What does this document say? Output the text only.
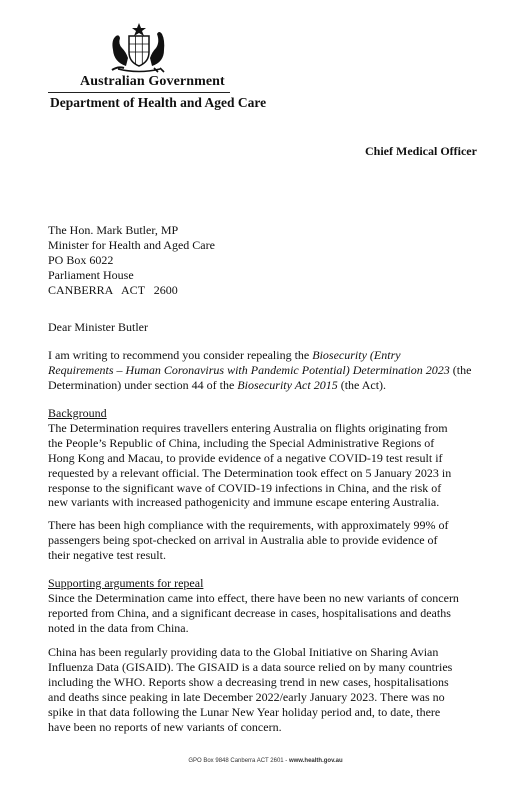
Australian Government
Department of Health and Aged Care
Chief Medical Officer
The Hon. Mark Butler, MP
Minister for Health and Aged Care
PO Box 6022
Parliament House
CANBERRA   ACT   2600
Dear Minister Butler
I am writing to recommend you consider repealing the Biosecurity (Entry
Requirements – Human Coronavirus with Pandemic Potential) Determination 2023 (the
Determination) under section 44 of the Biosecurity Act 2015 (the Act).
Background
The Determination requires travellers entering Australia on flights originating from
the People’s Republic of China, including the Special Administrative Regions of
Hong Kong and Macau, to provide evidence of a negative COVID-19 test result if
requested by a relevant official. The Determination took effect on 5 January 2023 in
response to the significant wave of COVID-19 infections in China, and the risk of
new variants with increased pathogenicity and immune escape entering Australia.
There has been high compliance with the requirements, with approximately 99% of
passengers being spot-checked on arrival in Australia able to provide evidence of
their negative test result.
Supporting arguments for repeal
Since the Determination came into effect, there have been no new variants of concern
reported from China, and a significant decrease in cases, hospitalisations and deaths
noted in the data from China.
China has been regularly providing data to the Global Initiative on Sharing Avian
Influenza Data (GISAID). The GISAID is a data source relied on by many countries
including the WHO. Reports show a decreasing trend in new cases, hospitalisations
and deaths since peaking in late December 2022/early January 2023. There was no
spike in that data following the Lunar New Year holiday period and, to date, there
have been no reports of new variants of concern.
GPO Box 9848 Canberra ACT 2601 - www.health.gov.au
